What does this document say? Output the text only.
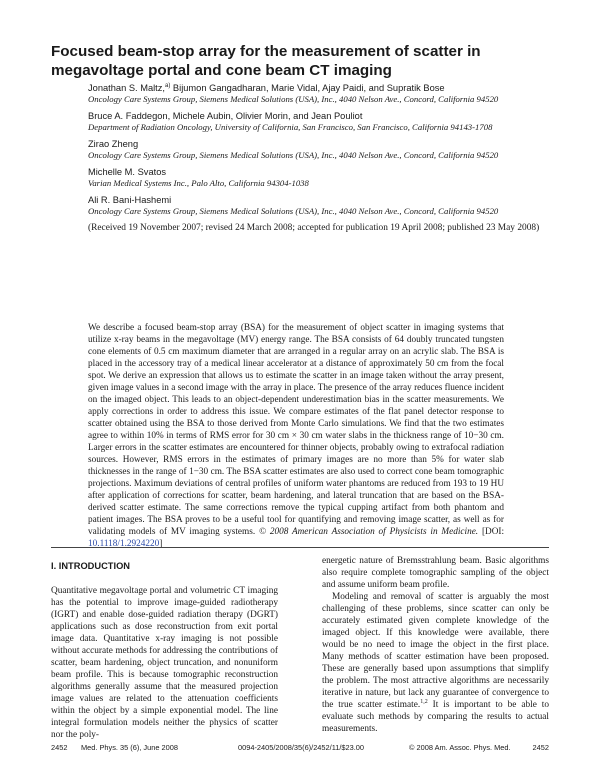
Focused beam-stop array for the measurement of scatter in megavoltage portal and cone beam CT imaging
Jonathan S. Maltz,$^{a)}$ Bijumon Gangadharan, Marie Vidal, Ajay Paidi, and Supratik Bose
Oncology Care Systems Group, Siemens Medical Solutions (USA), Inc., 4040 Nelson Ave., Concord, California 94520
Bruce A. Faddegon, Michele Aubin, Olivier Morin, and Jean Pouliot
Department of Radiation Oncology, University of California, San Francisco, San Francisco, California 94143-1708
Zirao Zheng
Oncology Care Systems Group, Siemens Medical Solutions (USA), Inc., 4040 Nelson Ave., Concord, California 94520
Michelle M. Svatos
Varian Medical Systems Inc., Palo Alto, California 94304-1038
Ali R. Bani-Hashemi
Oncology Care Systems Group, Siemens Medical Solutions (USA), Inc., 4040 Nelson Ave., Concord, California 94520
(Received 19 November 2007; revised 24 March 2008; accepted for publication 19 April 2008; published 23 May 2008)

We describe a focused beam-stop array (BSA) for the measurement of object scatter in imaging systems that utilize x-ray beams in the megavoltage (MV) energy range. The BSA consists of 64 doubly truncated tungsten cone elements of 0.5 cm maximum diameter that are arranged in a regular array on an acrylic slab. The BSA is placed in the accessory tray of a medical linear accelerator at a distance of approximately 50 cm from the focal spot. We derive an expression that allows us to estimate the scatter in an image taken without the array present, given image values in a second image with the array in place. The presence of the array reduces fluence incident on the imaged object. This leads to an object-dependent underestimation bias in the scatter measurements. We apply corrections in order to address this issue. We compare estimates of the flat panel detector response to scatter obtained using the BSA to those derived from Monte Carlo simulations. We find that the two estimates agree to within 10% in terms of RMS error for 30 cm × 30 cm water slabs in the thickness range of 10−30 cm. Larger errors in the scatter estimates are encountered for thinner objects, probably owing to extrafocal radiation sources. However, RMS errors in the estimates of primary images are no more than 5% for water slab thicknesses in the range of 1−30 cm. The BSA scatter estimates are also used to correct cone beam tomographic projections. Maximum deviations of central profiles of uniform water phantoms are reduced from 193 to 19 HU after application of corrections for scatter, beam hardening, and lateral truncation that are based on the BSA-derived scatter estimate. The same corrections remove the typical cupping artifact from both phantom and patient images. The BSA proves to be a useful tool for quantifying and removing image scatter, as well as for validating models of MV imaging systems. © 2008 American Association of Physicists in Medicine. [DOI: 10.1118/1.2924220]

I. INTRODUCTION

Quantitative megavoltage portal and volumetric CT imaging has the potential to improve image-guided radiotherapy (IGRT) and enable dose-guided radiation therapy (DGRT) applications such as dose reconstruction from exit portal image data. Quantitative x-ray imaging is not possible without accurate methods for addressing the contributions of scatter, beam hardening, object truncation, and nonuniform beam profile. This is because tomographic reconstruction algorithms generally assume that the measured projection image values are related to the attenuation coefficients within the object by a simple exponential model. The line integral formulation models neither the physics of scatter nor the poly-

energetic nature of Bremsstrahlung beam. Basic algorithms also require complete tomographic sampling of the object and assume uniform beam profile.

Modeling and removal of scatter is arguably the most challenging of these problems, since scatter can only be accurately estimated given complete knowledge of the imaged object. If this knowledge were available, there would be no need to image the object in the first place. Many methods of scatter estimation have been proposed. These are generally based upon assumptions that simplify the problem. The most attractive algorithms are necessarily iterative in nature, but lack any guarantee of convergence to the true scatter estimate.$^{1,2}$ It is important to be able to evaluate such methods by comparing the results to actual measurements.

2452 Med. Phys. 35 (6), June 2008	0094-2405/2008/35(6)/2452/11/$23.00	© 2008 Am. Assoc. Phys. Med.	2452
